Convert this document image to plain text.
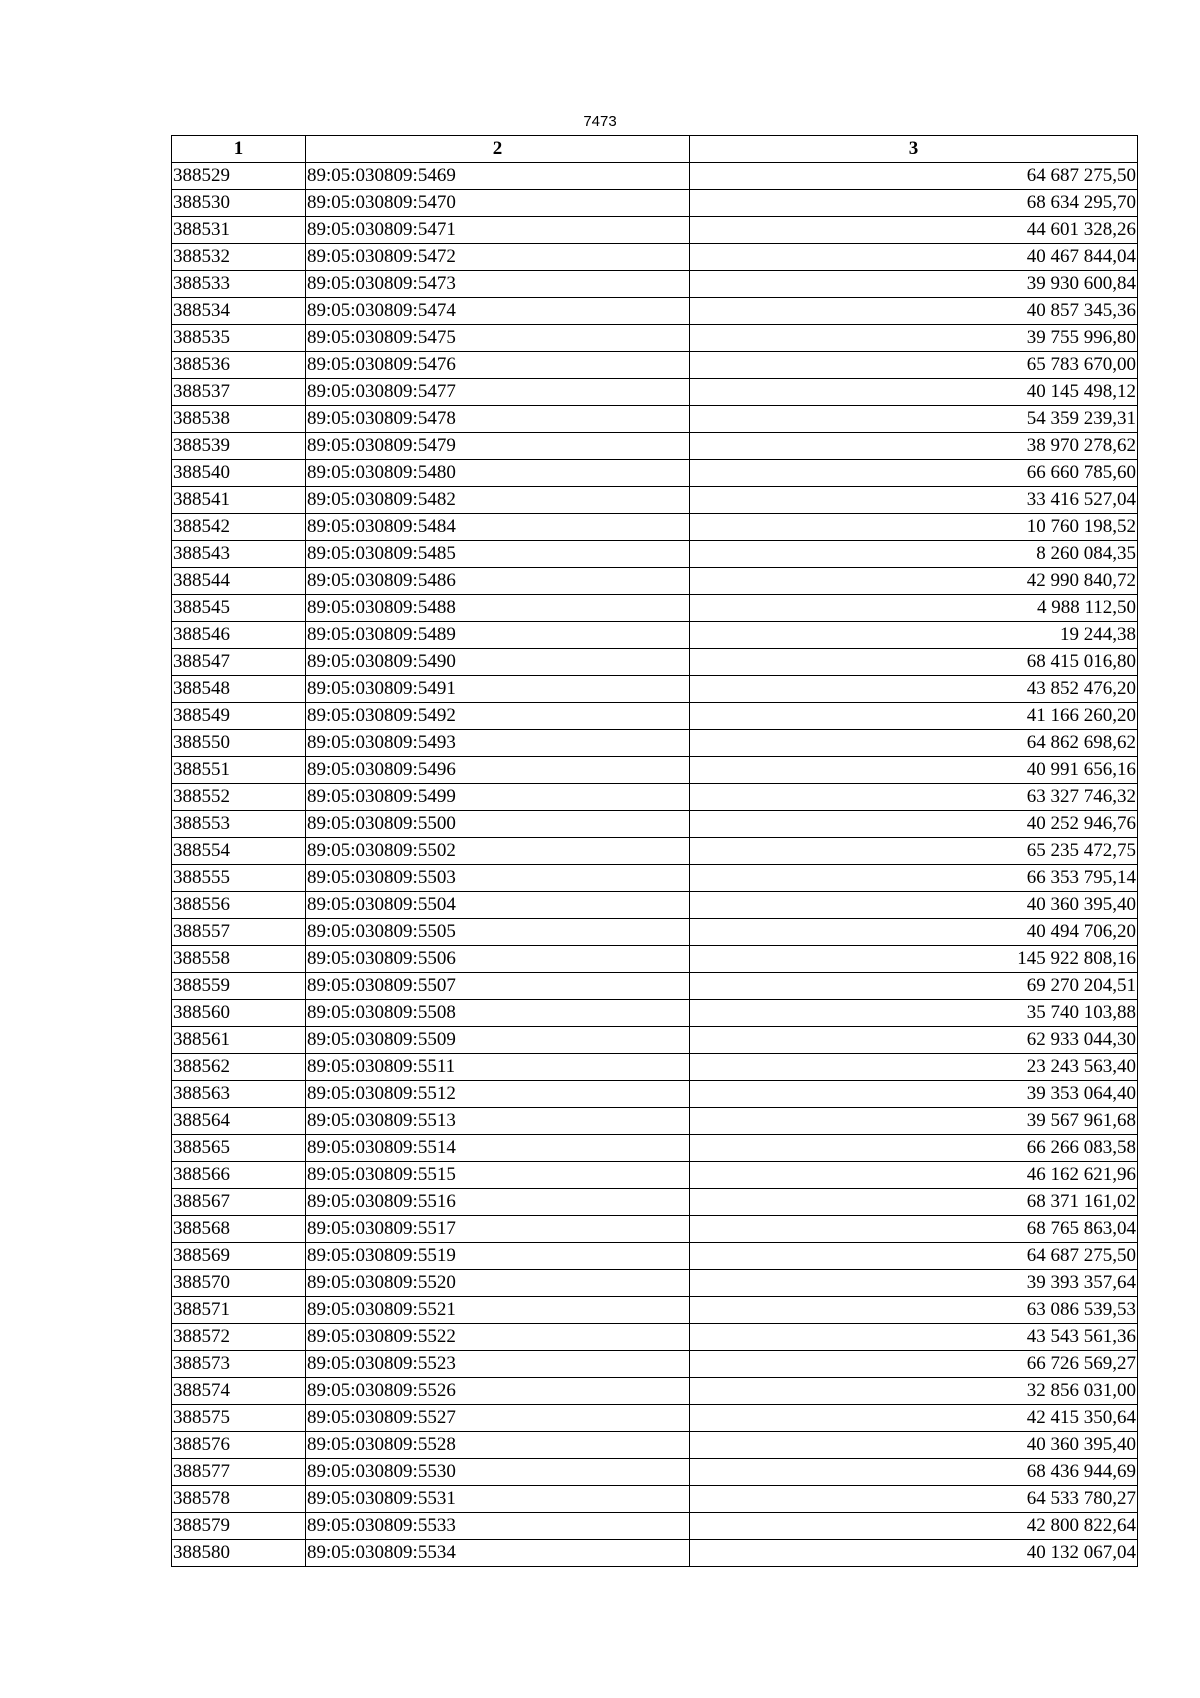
7473
1	2	3
388529	89:05:030809:5469	64 687 275,50
388530	89:05:030809:5470	68 634 295,70
388531	89:05:030809:5471	44 601 328,26
388532	89:05:030809:5472	40 467 844,04
388533	89:05:030809:5473	39 930 600,84
388534	89:05:030809:5474	40 857 345,36
388535	89:05:030809:5475	39 755 996,80
388536	89:05:030809:5476	65 783 670,00
388537	89:05:030809:5477	40 145 498,12
388538	89:05:030809:5478	54 359 239,31
388539	89:05:030809:5479	38 970 278,62
388540	89:05:030809:5480	66 660 785,60
388541	89:05:030809:5482	33 416 527,04
388542	89:05:030809:5484	10 760 198,52
388543	89:05:030809:5485	8 260 084,35
388544	89:05:030809:5486	42 990 840,72
388545	89:05:030809:5488	4 988 112,50
388546	89:05:030809:5489	19 244,38
388547	89:05:030809:5490	68 415 016,80
388548	89:05:030809:5491	43 852 476,20
388549	89:05:030809:5492	41 166 260,20
388550	89:05:030809:5493	64 862 698,62
388551	89:05:030809:5496	40 991 656,16
388552	89:05:030809:5499	63 327 746,32
388553	89:05:030809:5500	40 252 946,76
388554	89:05:030809:5502	65 235 472,75
388555	89:05:030809:5503	66 353 795,14
388556	89:05:030809:5504	40 360 395,40
388557	89:05:030809:5505	40 494 706,20
388558	89:05:030809:5506	145 922 808,16
388559	89:05:030809:5507	69 270 204,51
388560	89:05:030809:5508	35 740 103,88
388561	89:05:030809:5509	62 933 044,30
388562	89:05:030809:5511	23 243 563,40
388563	89:05:030809:5512	39 353 064,40
388564	89:05:030809:5513	39 567 961,68
388565	89:05:030809:5514	66 266 083,58
388566	89:05:030809:5515	46 162 621,96
388567	89:05:030809:5516	68 371 161,02
388568	89:05:030809:5517	68 765 863,04
388569	89:05:030809:5519	64 687 275,50
388570	89:05:030809:5520	39 393 357,64
388571	89:05:030809:5521	63 086 539,53
388572	89:05:030809:5522	43 543 561,36
388573	89:05:030809:5523	66 726 569,27
388574	89:05:030809:5526	32 856 031,00
388575	89:05:030809:5527	42 415 350,64
388576	89:05:030809:5528	40 360 395,40
388577	89:05:030809:5530	68 436 944,69
388578	89:05:030809:5531	64 533 780,27
388579	89:05:030809:5533	42 800 822,64
388580	89:05:030809:5534	40 132 067,04
